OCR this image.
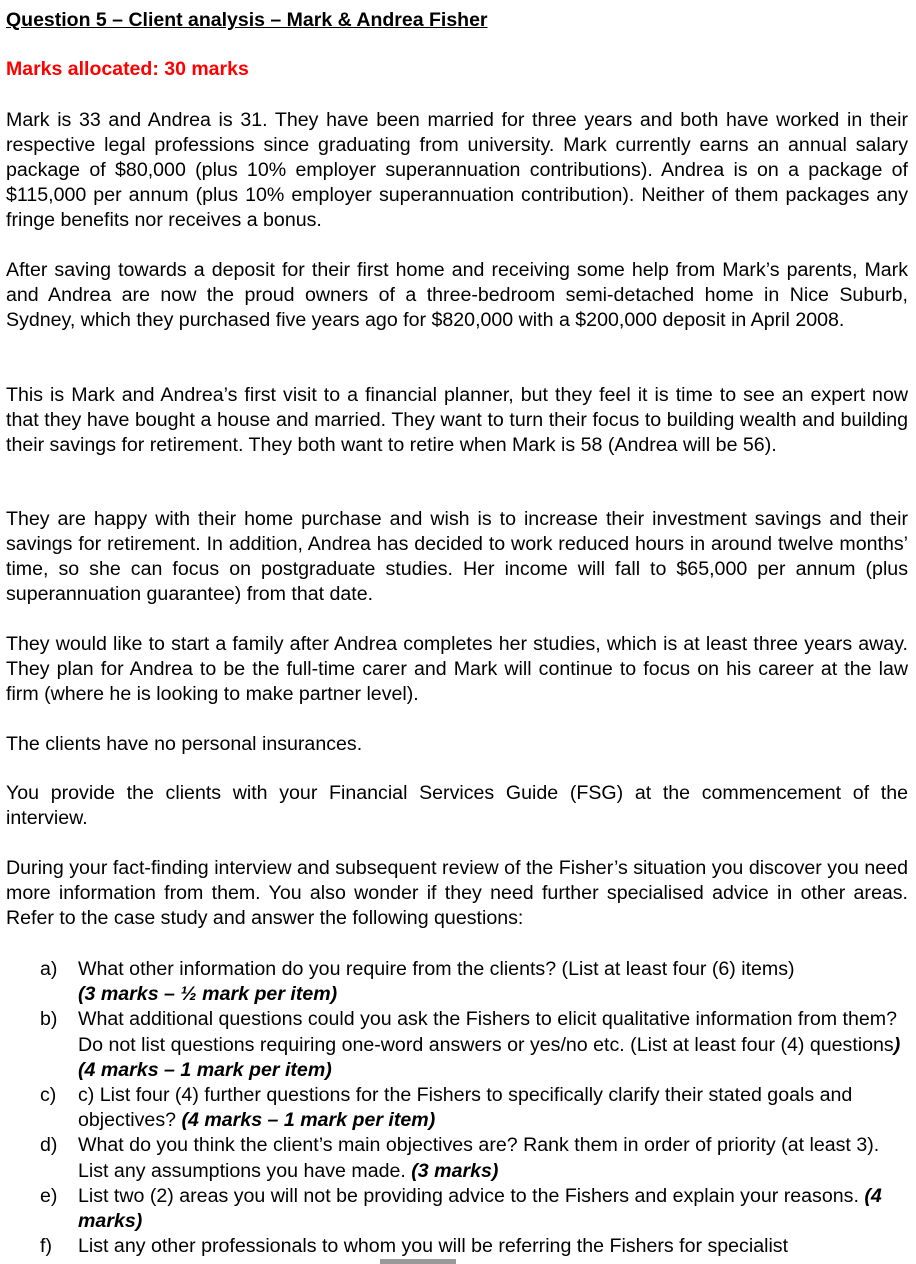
Question 5 – Client analysis – Mark & Andrea Fisher
Marks allocated: 30 marks

Mark is 33 and Andrea is 31. They have been married for three years and both have worked in their respective legal professions since graduating from university. Mark currently earns an annual salary package of $80,000 (plus 10% employer superannuation contributions). Andrea is on a package of $115,000 per annum (plus 10% employer superannuation contribution). Neither of them packages any fringe benefits nor receives a bonus.

After saving towards a deposit for their first home and receiving some help from Mark’s parents, Mark and Andrea are now the proud owners of a three-bedroom semi-detached home in Nice Suburb, Sydney, which they purchased five years ago for $820,000 with a $200,000 deposit in April 2008.

This is Mark and Andrea’s first visit to a financial planner, but they feel it is time to see an expert now that they have bought a house and married. They want to turn their focus to building wealth and building their savings for retirement. They both want to retire when Mark is 58 (Andrea will be 56).

They are happy with their home purchase and wish is to increase their investment savings and their savings for retirement. In addition, Andrea has decided to work reduced hours in around twelve months’ time, so she can focus on postgraduate studies. Her income will fall to $65,000 per annum (plus superannuation guarantee) from that date.

They would like to start a family after Andrea completes her studies, which is at least three years away. They plan for Andrea to be the full-time carer and Mark will continue to focus on his career at the law firm (where he is looking to make partner level).

The clients have no personal insurances.

You provide the clients with your Financial Services Guide (FSG) at the commencement of the interview.

During your fact-finding interview and subsequent review of the Fisher’s situation you discover you need more information from them. You also wonder if they need further specialised advice in other areas. Refer to the case study and answer the following questions:

a) What other information do you require from the clients? (List at least four (6) items)
(3 marks – ½ mark per item)
b) What additional questions could you ask the Fishers to elicit qualitative information from them? Do not list questions requiring one-word answers or yes/no etc. (List at least four (4) questions) (4 marks – 1 mark per item)
c) c) List four (4) further questions for the Fishers to specifically clarify their stated goals and objectives? (4 marks – 1 mark per item)
d) What do you think the client’s main objectives are? Rank them in order of priority (at least 3). List any assumptions you have made. (3 marks)
e) List two (2) areas you will not be providing advice to the Fishers and explain your reasons. (4 marks)
f) List any other professionals to whom you will be referring the Fishers for specialist
